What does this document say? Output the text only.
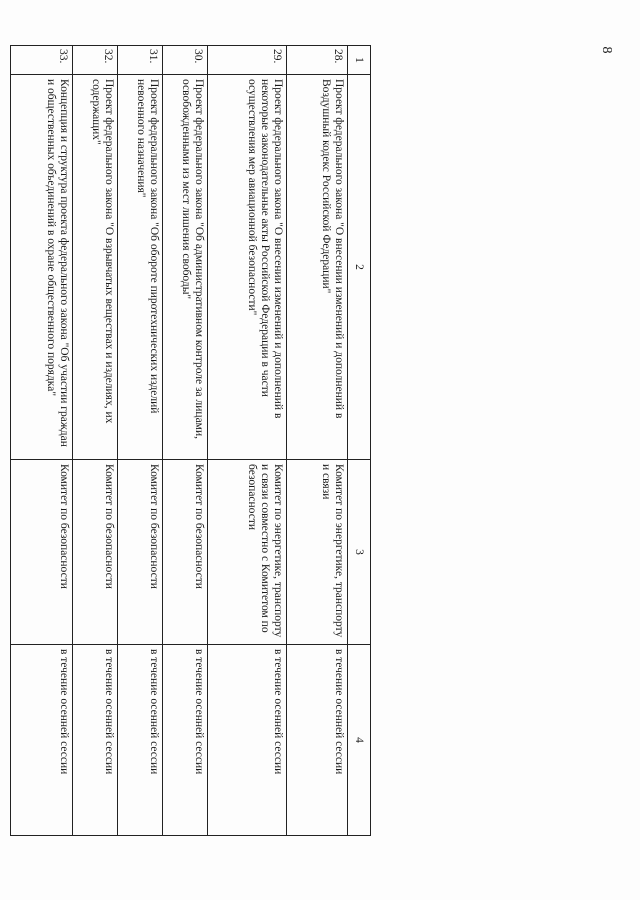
8
1	2	3	4
28.	Проект федерального закона "О внесении изменений и дополнений в Воздушный кодекс Российской Федерации"	Комитет по энергетике, транспорту и связи	в течение осенней сессии
29.	Проект федерального закона "О внесении изменений и дополнений в некоторые законодательные акты Российской Федерации в части осуществления мер авиационной безопасности"	Комитет по энергетике, транспорту и связи совместно с Комитетом по безопасности	в течение осенней сессии
30.	Проект федерального закона "Об административном контроле за лицами, освобожденными из мест лишения свободы"	Комитет по безопасности	в течение осенней сессии
31.	Проект федерального закона "Об обороте пиротехнических изделий невоенного назначения"	Комитет по безопасности	в течение осенней сессии
32.	Проект федерального закона "О взрывчатых веществах и изделиях, их содержащих"	Комитет по безопасности	в течение осенней сессии
33.	Концепция и структура проекта федерального закона "Об участии граждан и общественных объединений в охране общественного порядка"	Комитет по безопасности	в течение осенней сессии
